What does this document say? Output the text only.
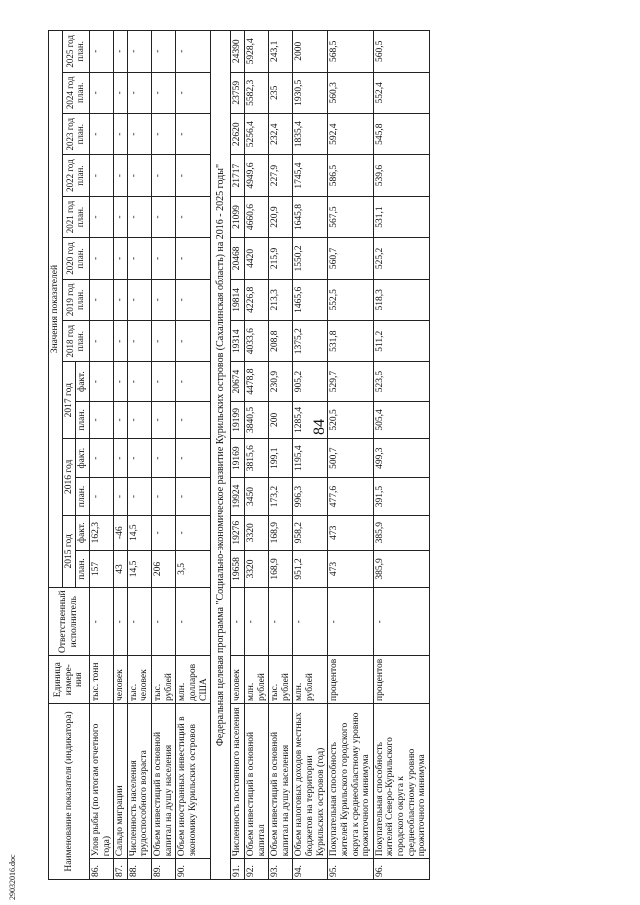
84
29032016.doc
Наименование показателя (индикатора)		Единица измере-ния	Ответственный исполнитель	Значения показателей													
				2015 год		2016 год		2017 год		2018 год план.	2019 год план.	2020 год план.	2021 год план.	2022 год план.	2023 год план.	2024 год план.	2025 год план.
				план.	факт.	план.	факт.	план.	факт.								
86.	Улов рыбы (по итогам отчетного года)	тыс. тонн	-	157	162,3	-	-	-	-	-	-	-	-	-	-	-	-
87.	Сальдо миграции	человек	-	43	-46	-	-	-	-	-	-	-	-	-	-	-	-
88.	Численность населения трудоспособного возраста	тыс. человек	-	14,5	14,5	-	-	-	-	-	-	-	-	-	-	-	-
89.	Объем инвестиций в основной капитал на душу населения	тыс. рублей	-	206	-	-	-	-	-	-	-	-	-	-	-	-	-
90.	Объем иностранных инвестиций в экономику Курильских островов	млн. долларов США	-	3,5	-	-	-	-	-	-	-	-	-	-	-	-	-
Федеральная целевая программа "Социально-экономическое развитие Курильских островов (Сахалинская область) на 2016 - 2025 годы"																	
91.	Численность постоянного населения	человек	-	19658	19276	19924	19169	19199	20674	19314	19814	20468	21099	21717	22620	23759	24390
92.	Объем инвестиций в основной капитал	млн. рублей	-	3320	3320	3450	3815,6	3840,5	4478,8	4033,6	4226,8	4420	4660,6	4949,6	5256,4	5582,3	5928,4
93.	Объем инвестиций в основной капитал на душу населения	тыс. рублей	-	168,9	168,9	173,2	199,1	200	230,9	208,8	213,3	215,9	220,9	227,9	232,4	235	243,1
94.	Объем налоговых доходов местных бюджетов на территории Курильских островов (год)	млн. рублей	-	951,2	958,2	996,3	1195,4	1285,4	905,2	1375,2	1465,6	1550,2	1645,8	1745,4	1835,4	1930,5	2000
95.	Покупательная способность жителей Курильского городского округа к среднеобластному уровню прожиточного минимума	процентов	-	473	473	477,6	500,7	520,5	529,7	531,8	552,5	560,7	567,5	586,5	592,4	560,3	568,5
96.	Покупательная способность жителей Северо-Курильского городского округа к среднеобластному уровню прожиточного минимума	процентов	-	385,9	385,9	391,5	499,3	505,4	523,5	511,2	518,3	525,2	531,1	539,6	545,8	552,4	560,5
